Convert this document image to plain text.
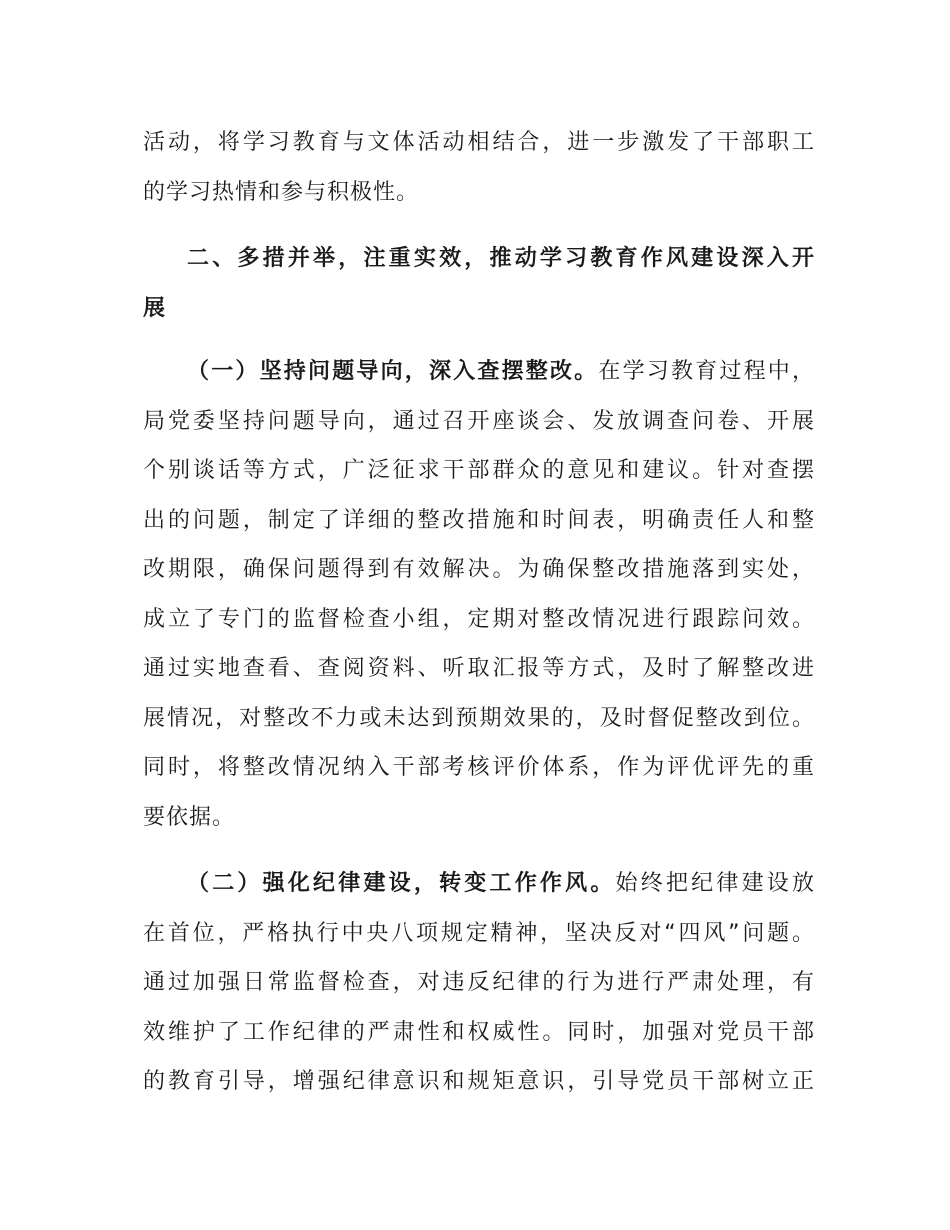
活动，将学习教育与文体活动相结合，进一步激发了干部职工
的学习热情和参与积极性。
二、多措并举，注重实效，推动学习教育作风建设深入开
展
（一）坚持问题导向，深入查摆整改。在学习教育过程中，
局党委坚持问题导向，通过召开座谈会、发放调查问卷、开展
个别谈话等方式，广泛征求干部群众的意见和建议。针对查摆
出的问题，制定了详细的整改措施和时间表，明确责任人和整
改期限，确保问题得到有效解决。为确保整改措施落到实处，
成立了专门的监督检查小组，定期对整改情况进行跟踪问效。
通过实地查看、查阅资料、听取汇报等方式，及时了解整改进
展情况，对整改不力或未达到预期效果的，及时督促整改到位。
同时，将整改情况纳入干部考核评价体系，作为评优评先的重
要依据。
（二）强化纪律建设，转变工作作风。始终把纪律建设放
在首位，严格执行中央八项规定精神，坚决反对“四风”问题。
通过加强日常监督检查，对违反纪律的行为进行严肃处理，有
效维护了工作纪律的严肃性和权威性。同时，加强对党员干部
的教育引导，增强纪律意识和规矩意识，引导党员干部树立正
